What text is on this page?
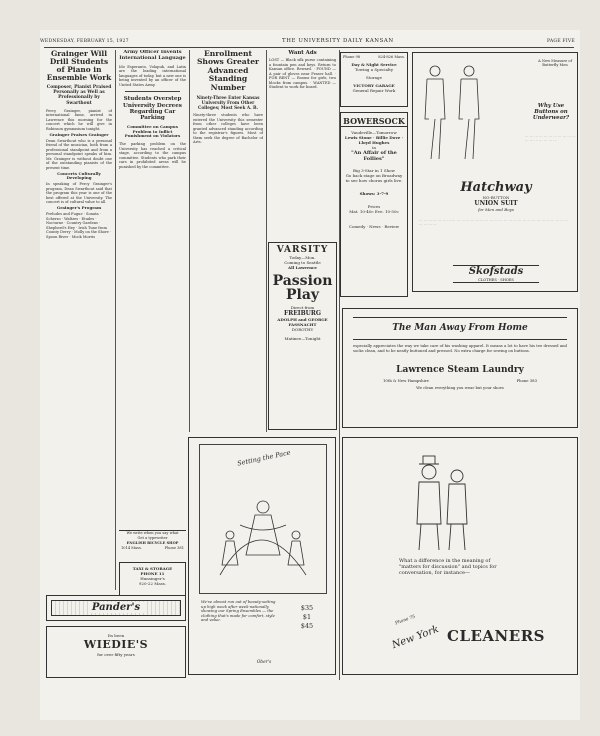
WEDNESDAY, FEBRUARY 15, 1927	THE UNIVERSITY DAILY KANSAN	PAGE FIVE
Grainger Will Drill Students of Piano in Ensemble Work
Composer, Pianist Praised Personally as Well as Professionally by Swarthout
Percy Grainger, pianist of international fame, arrived in Lawrence this morning for the concert which he will give in Robinson gymnasium tonight.
Grainger Praises Grainger
Dean Swarthout who is a personal friend of the musician, both from a professional standpoint and from a personal standpoint speaks of him. Mr. Grainger is without doubt one of the outstanding pianists of the present time.
Concerts Culturally Developing
In speaking of Percy Grainger's program, Dean Swarthout said that the program this year is one of the best offered at the University. The concert is of cultural value to all.
Grainger's Program
Preludes and Fugue · Sonata · Scherzo · Waltzes · Etudes · Nocturne · Country Gardens · Shepherd's Hey · Irish Tune from County Derry · Molly on the Shore · Spoon River · Mock Morris
Army Officer Invents International Language
Ido Esperanto, Volapuk, and Latin are the leading international languages of today, but a new one is being invented by an officer of the United States Army.
Students Overstep University Decrees Regarding Car Parking
Committee on Campus Problem to Inflict Punishment on Violators
The parking problem on the University has reached a critical stage, according to the campus committee. Students who park their cars in prohibited areas will be punished by the committee.
Enrollment Shows Greater Advanced Standing Number
Ninety-Three Enter Kansas University From Other Colleges; Most Seek A. B.
Ninety-three students who have entered the University this semester from other colleges have been granted advanced standing according to the registrar's figures. Most of them seek the degree of Bachelor of Arts.
Want Ads
LOST — Black silk purse containing a fountain pen and keys. Return to Kansan office. Reward. · FOUND — A pair of gloves near Fraser hall. · FOR RENT — Rooms for girls, two blocks from campus. · WANTED — Student to work for board.
VARSITY
Today—Mon.
Coming to Seattle
All Lawrence
Passion Play
Direct from
FREIBURG
ADOLPH and GEORGE FASSNACHT
DOROTHY
Matinee—Tonight
Phone 98	824-826 Mass.
Day & Night Service
Towing a Specialty
Storage
VICTORY GARAGE
General Repair Work
BOWERSOCK
Vaudeville—Tomorrow
Lewis Stone · Billie Dove · Lloyd Hughes
in
"An Affair of the Follies"
Big 3-Star in 1 Show
Go back stage on Broadway to see how chorus girls live.
Shows: 3-7-9
Prices
Mat. 10-40c Eve. 10-50c
Comedy · News · Review
A New Measure of Butterfly Men
Why Use Buttons on Underwear?
··· ··· ··· ··· ··· ··· ··· ··· ··· ··· ··· ··· ··· ··· ··· ··· ··· ···
Hatchway
NO-BUTTON
UNION SUIT
for Men and Boys
··· ··· ··· ··· ··· ··· ··· ··· ··· ··· ··· ··· ··· ··· ··· ··· ··· ··· ··· ··· ··· ··· ··· ··· ··· ··· ··· ··· ··· ··· ··· ··· ··· ··· ··· ···
Skofstads
CLOTHES · SHOES
The Man Away From Home
especially appreciates the way we take care of his washing apparel. It means a lot to have his tee dressed and socks clean, and to be neatly buttoned and pressed. No extra charge for sewing on buttons.
Lawrence Steam Laundry
10th & New Hampshire	Phone 383
We clean everything you wear but your shoes
Setting the Pace
We've almost run out of beauty-setting up high week after week-nationally showing our Spring Ensembles — the clothing that's made for comfort, style and value.
$35
$1
$45
Ober's
What a difference in the meaning of "matters for discussion" and topics for conversation, for instance—
Phone 75
New York CLEANERS
We write when you say what
Get a typewriter
ENGLISH BICYCLE SHOP
1014 Mass.	Phone 381
TAXI & STORAGE
PHONE 11
Hunsinger's
920-22 Mass.
Pander's
Its been
WIEDIE'S
for over fifty years
